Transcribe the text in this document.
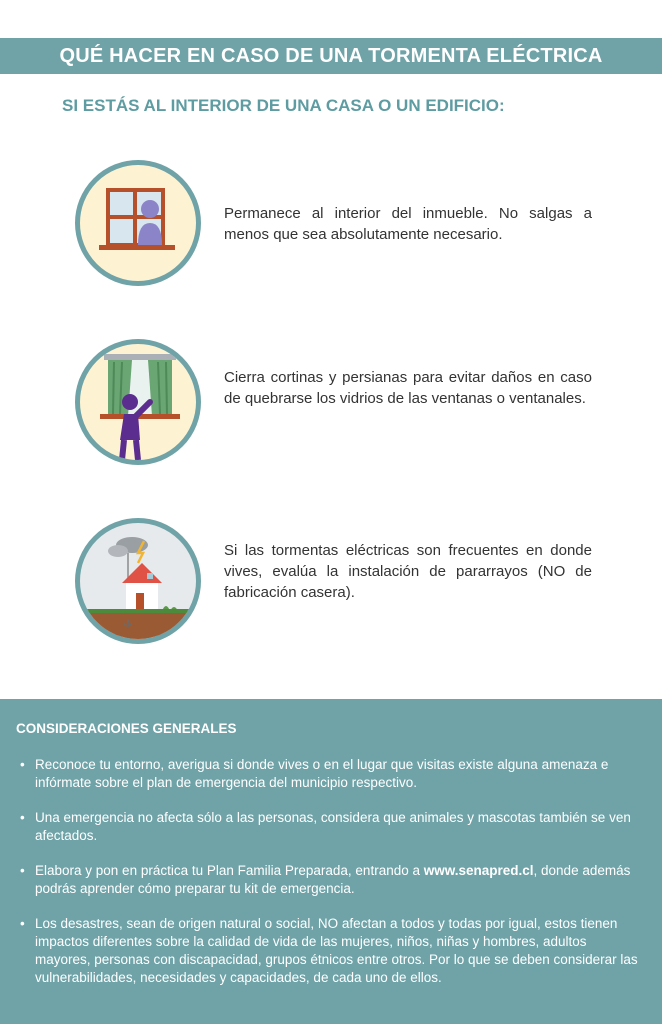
QUÉ HACER EN CASO DE UNA TORMENTA ELÉCTRICA
SI ESTÁS AL INTERIOR DE UNA CASA O UN EDIFICIO:
Permanece al interior del inmueble. No salgas a menos que sea absolutamente necesario.
Cierra cortinas y persianas para evitar daños en caso de quebrarse los vidrios de las ventanas o ventanales.
Si las tormentas eléctricas son frecuentes en donde vives, evalúa la instalación de pararrayos (NO de fabricación casera).
CONSIDERACIONES GENERALES
• Reconoce tu entorno, averigua si donde vives o en el lugar que visitas existe alguna amenaza e infórmate sobre el plan de emergencia del municipio respectivo.
• Una emergencia no afecta sólo a las personas, considera que animales y mascotas también se ven afectados.
• Elabora y pon en práctica tu Plan Familia Preparada, entrando a www.senapred.cl, donde además podrás aprender cómo preparar tu kit de emergencia.
• Los desastres, sean de origen natural o social, NO afectan a todos y todas por igual, estos tienen impactos diferentes sobre la calidad de vida de las mujeres, niños, niñas y hombres, adultos mayores, personas con discapacidad, grupos étnicos entre otros. Por lo que se deben considerar las vulnerabilidades, necesidades y capacidades, de cada uno de ellos.
